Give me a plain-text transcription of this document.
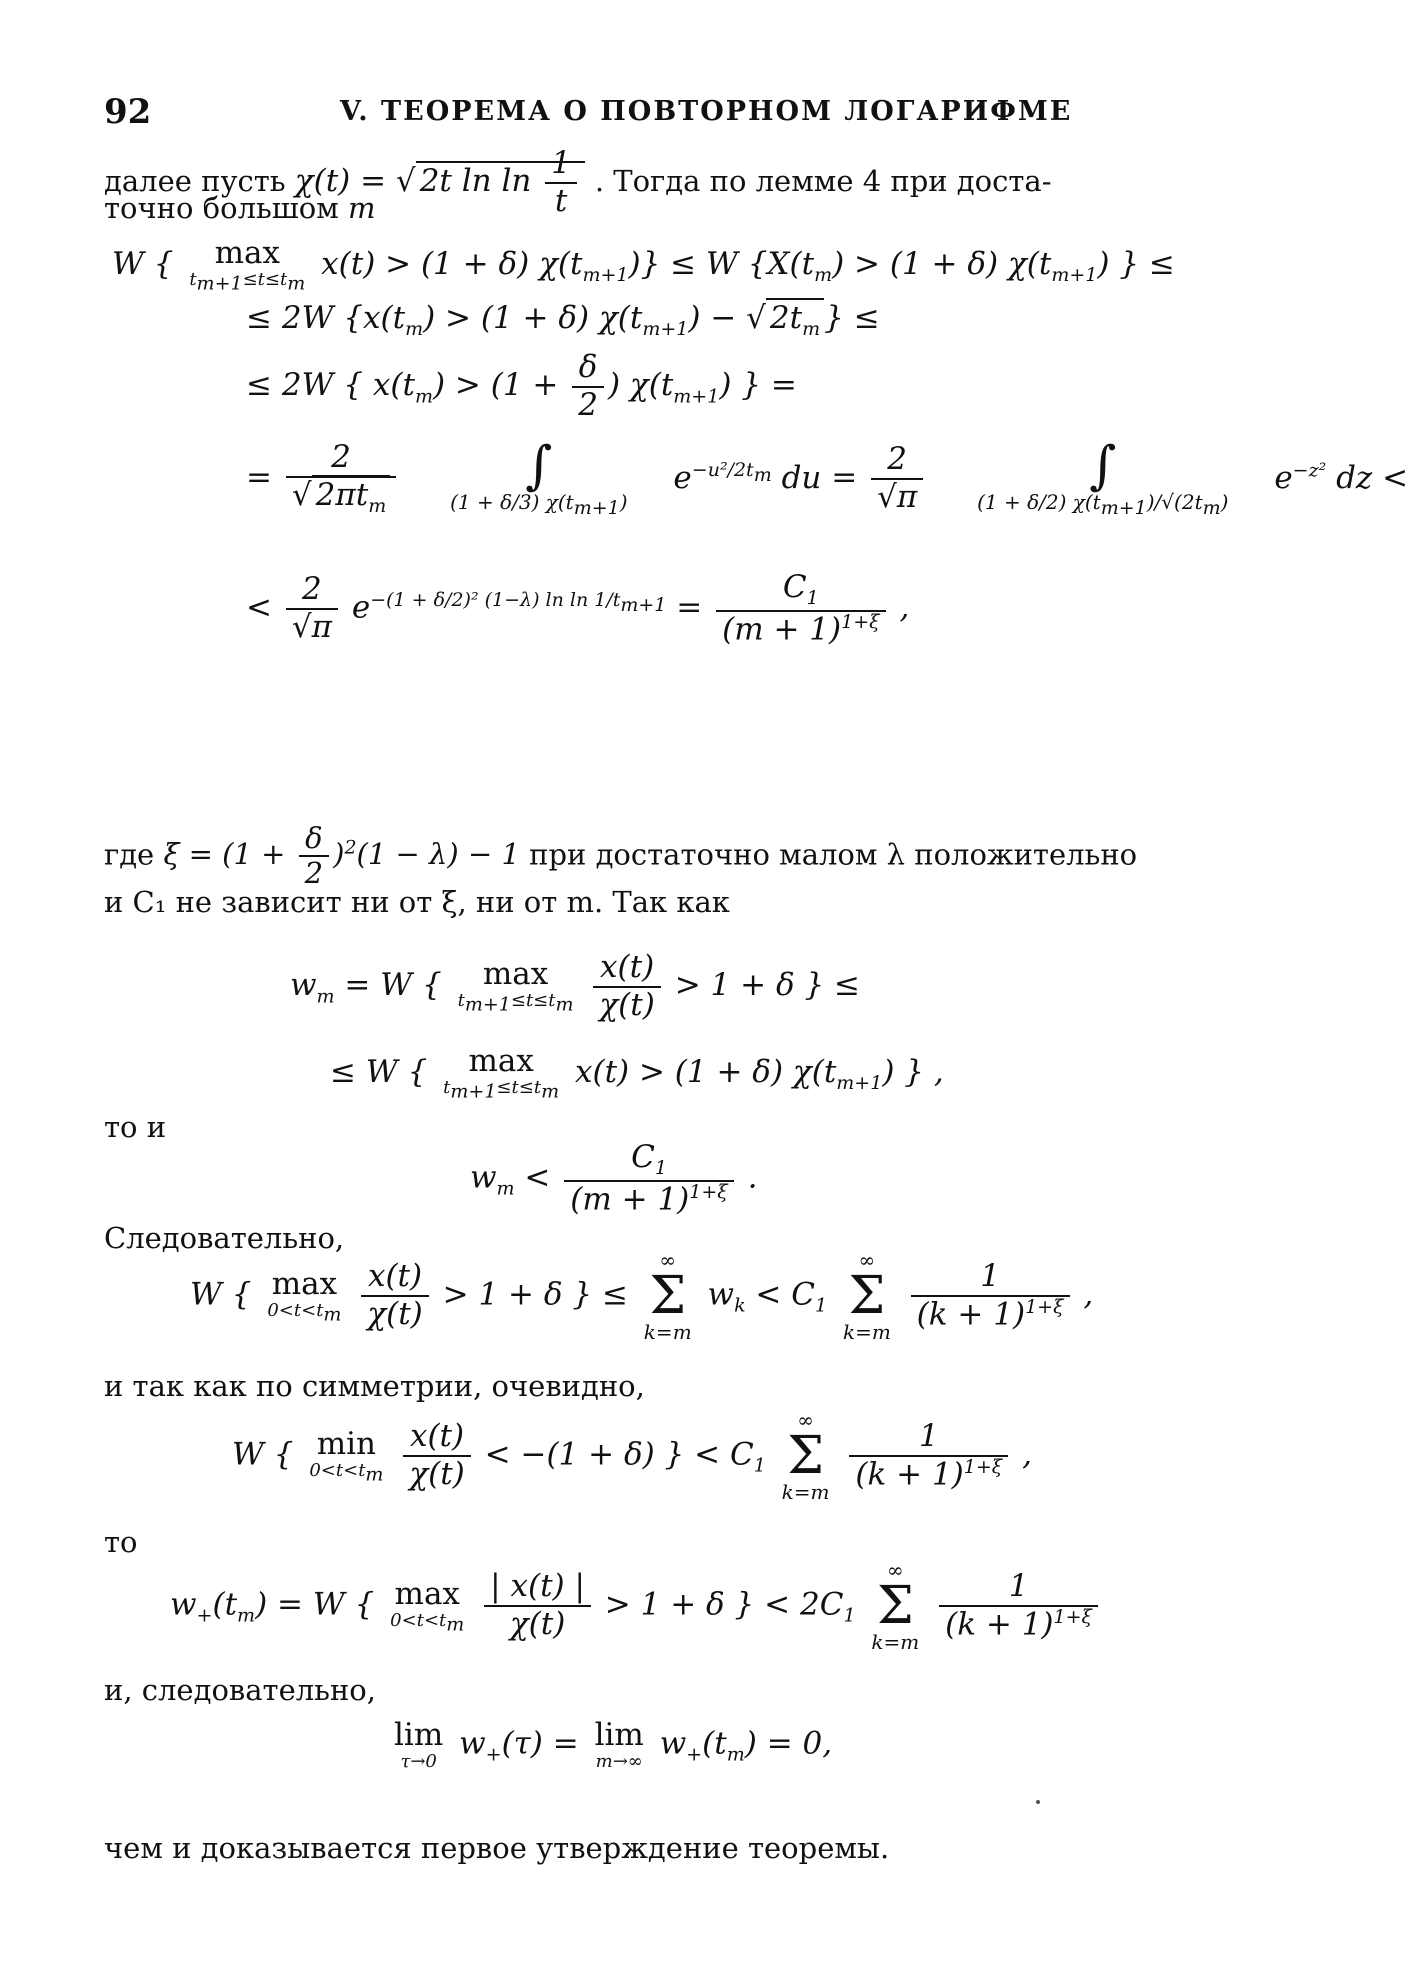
92	V. ТЕОРЕМА О ПОВТОРНОМ ЛОГАРИФМЕ
далее пусть χ(t) = √ 2t $\ln \ln \frac{1}{t}$ . Тогда по лемме 4 при доста-
точно большом m
W {	max
$t_{m+1}\le t\le t_m$
x(t) > (1 + δ) $\chi(t_{m+1})\} \le W$ {$X(t_m) > (1 + \delta)$ $\chi(t_{m+1})$ } ≤
≤ 2W {$x(t_m) > (1 + \delta) \chi(t_{m+1})$ − √ $2t_m$ } ≤
≤ 2W { $x(t_m) > (1 + \frac{\delta}{2}$ ) $\chi(t_{m+1})$ } =
= $\frac{2}{√ 2\pi t_m}$
	∫
(1 + δ/3) $\chi(t_{m+1})$
$e^{-u^2/2t_m}$ du = $\frac{2}{√\pi}$
	∫
(1 + δ/2) $\chi(t_{m+1})/√(2t_m)$
$e^{-z^2}$ dz <
< $\frac{2}{√\pi} e^{-(1 + \delta/2)^2 (1-\lambda) ln ln 1/t_{m+1}} = \frac{C_1}{(m + 1)^{1+\xi}}$ ,
где $\xi = (1 + \frac{\delta}{2} )^2(1 - \lambda) - 1$ при достаточно малом λ положительно
и C₁ не зависит ни от ξ, ни от m. Так как
$w_m = W$ {	max
$t_{m+1}\le t\le t_m$
$\frac{x(t)}{\chi(t)} > 1 + \delta$ } ≤
≤ W {	max
$t_{m+1}\le t\le t_m$
x(t) > (1 + δ) $\chi(t_{m+1})$ } ,
то и
$w_m < \frac{C_1}{(m + 1)^{1+\xi}}$ .
Следовательно,
W { max
$0<t<t_m$
$\frac{x(t)}{\chi(t)} > 1 + \delta$ } ≤
∞
Σ
k=m
$w_k < C_1$
∞
Σ
k=m
$\frac{1}{(k + 1)^{1+\xi}}$ ,
и так как по симметрии, очевидно,
W { min
$0<t<t_m$
$\frac{x(t)}{\chi(t)} < -(1 + \delta)$ } < $C_1$
∞
Σ
k=m
$\frac{1}{(k + 1)^{1+\xi}}$ ,
то
$w_+(t_m) = W$ { max
$0<t<t_m$
$\frac{| x(t) |}{\chi(t)} > 1 + \delta$ } < $2C_1$
∞
Σ
k=m
$\frac{1}{(k + 1)^{1+\xi}}$
и, следовательно,
lim
τ→0
$w_+(\tau) = \lim$
m→∞
$w_+(t_m) = 0$,
чем и доказывается первое утверждение теоремы.
